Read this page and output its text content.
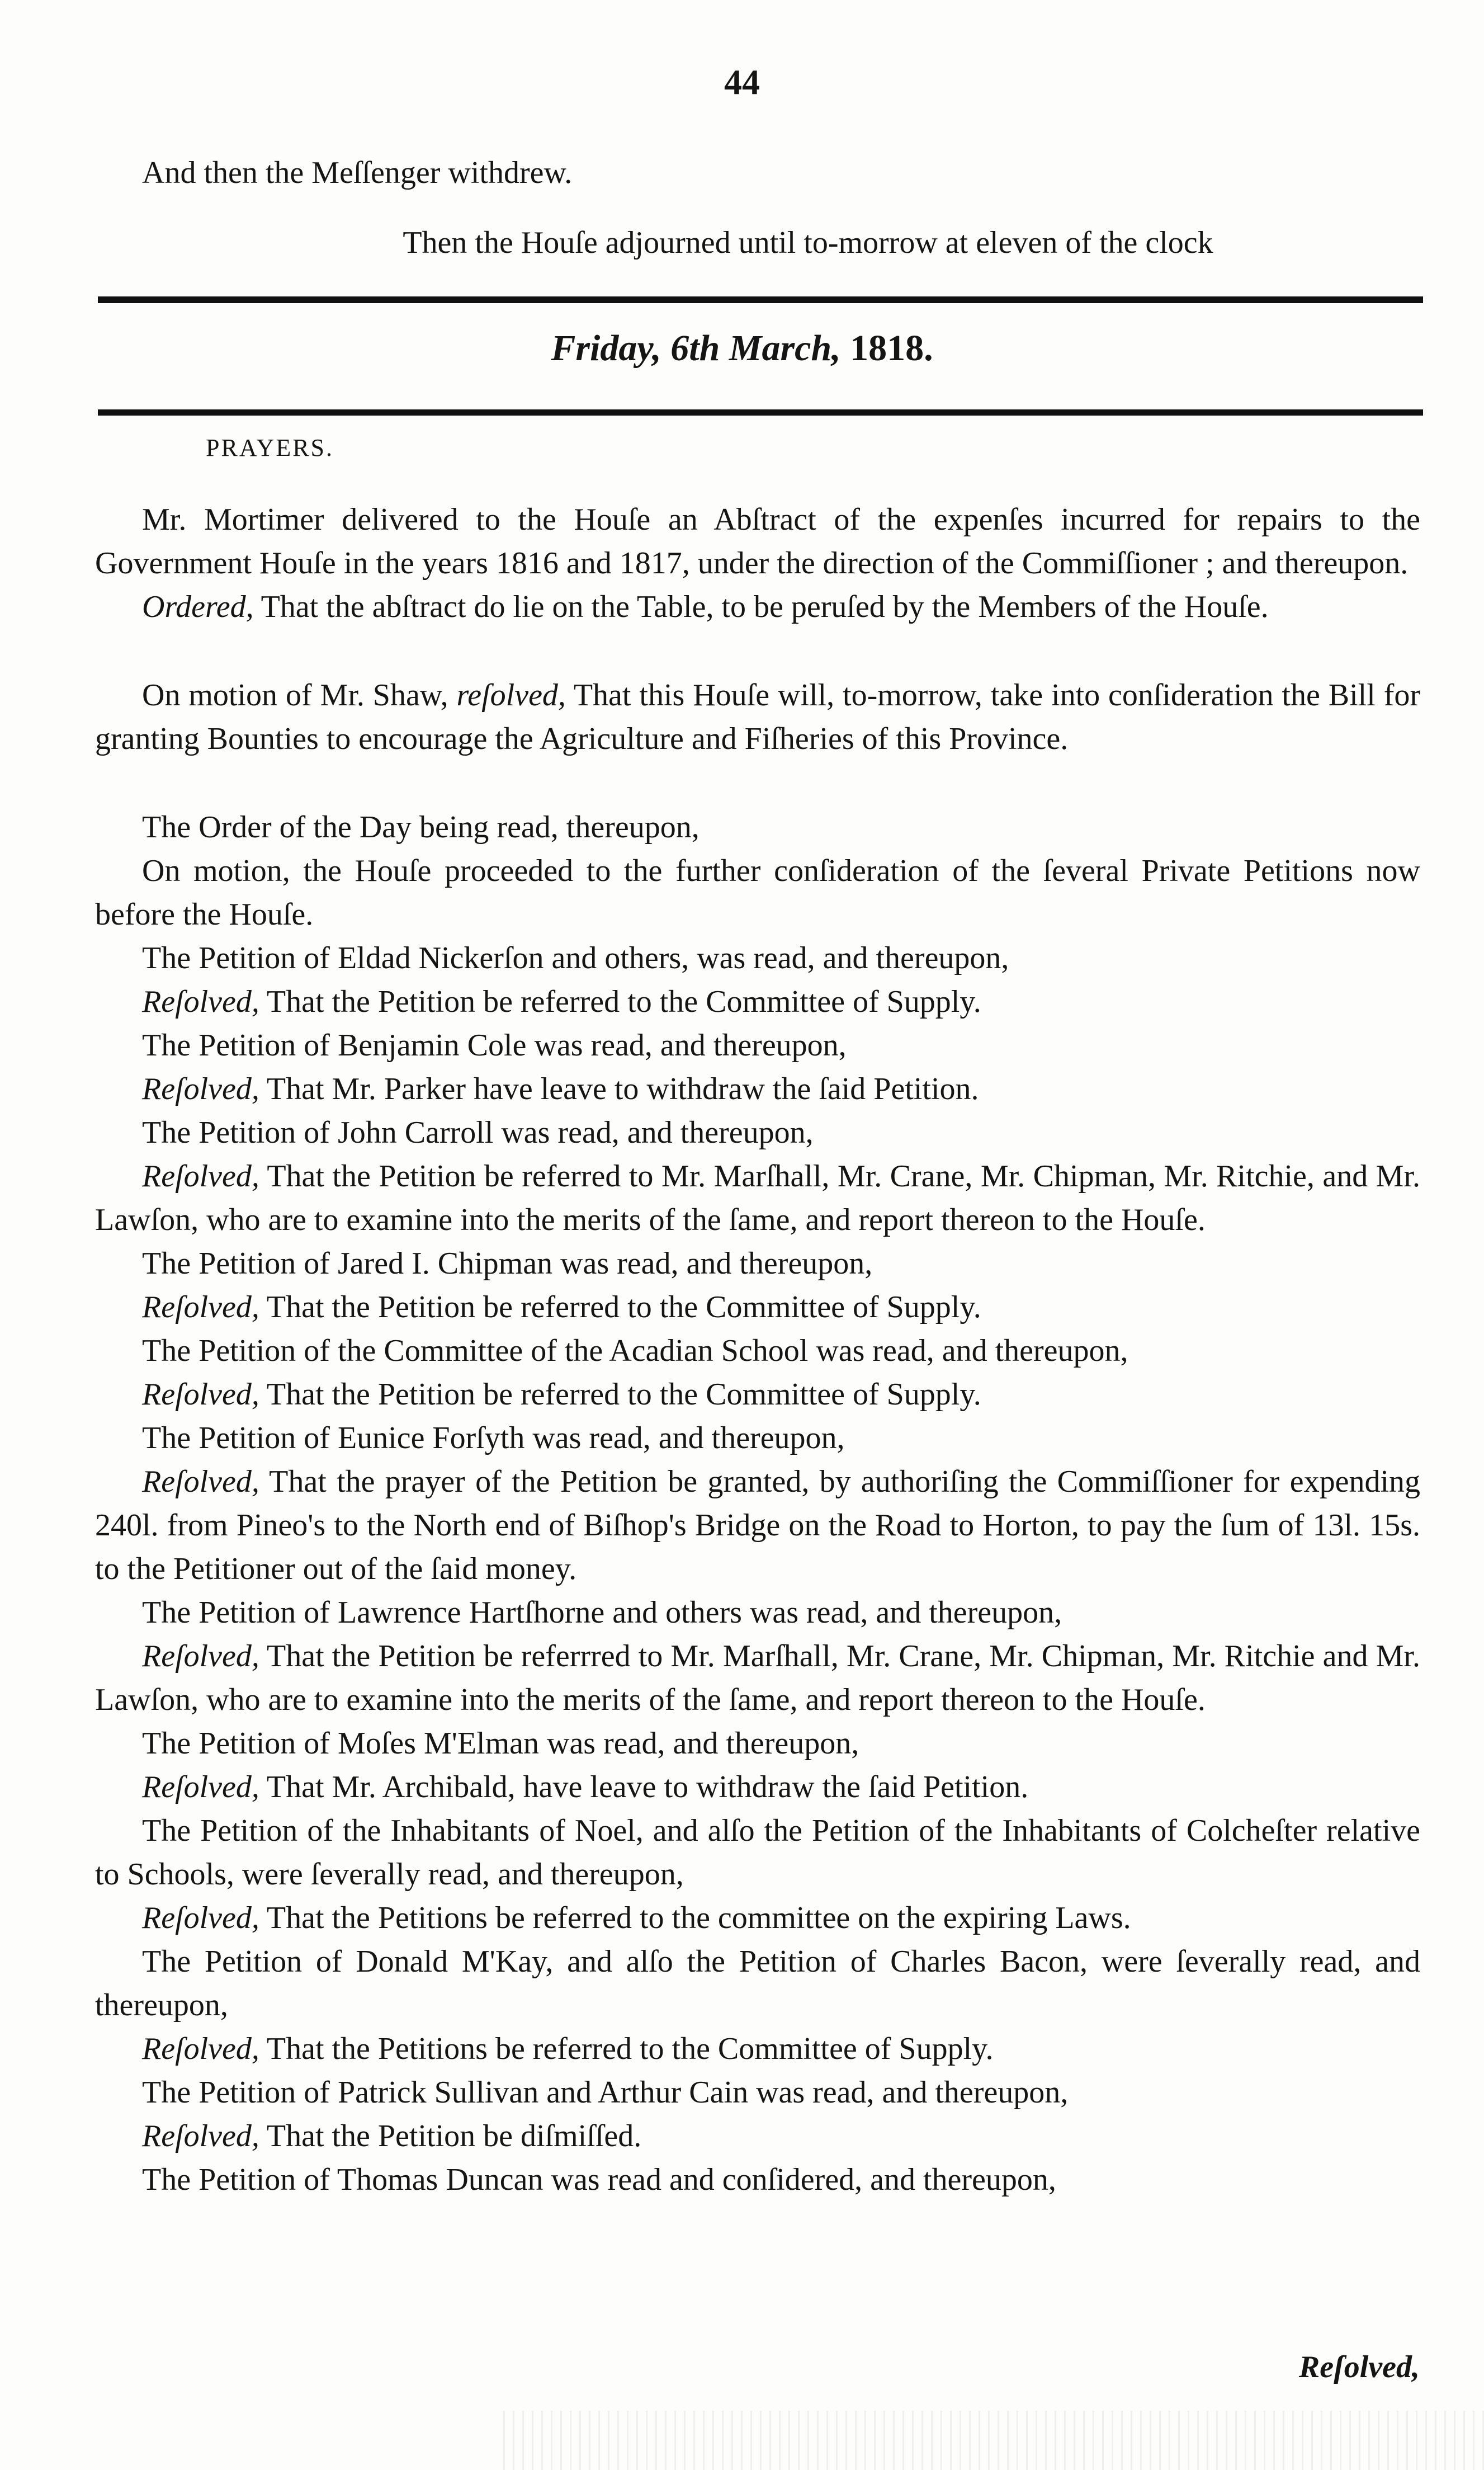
44

And then the Meſſenger withdrew.

Then the Houſe adjourned until to-morrow at eleven of the clock

Friday, 6th March, 1818.
PRAYERS.

Mr. Mortimer delivered to the Houſe an Abſtract of the expenſes incurred for repairs to the Government Houſe in the years 1816 and 1817, under the direction of the Commiſſioner ; and thereupon.

Ordered, That the abſtract do lie on the Table, to be peruſed by the Members of the Houſe.

On motion of Mr. Shaw, reſolved, That this Houſe will, to-morrow, take into conſideration the Bill for granting Bounties to encourage the Agriculture and Fiſheries of this Province.

The Order of the Day being read, thereupon,

On motion, the Houſe proceeded to the further conſideration of the ſeveral Private Petitions now before the Houſe.

The Petition of Eldad Nickerſon and others, was read, and thereupon,

Reſolved, That the Petition be referred to the Committee of Supply.

The Petition of Benjamin Cole was read, and thereupon,

Reſolved, That Mr. Parker have leave to withdraw the ſaid Petition.

The Petition of John Carroll was read, and thereupon,

Reſolved, That the Petition be referred to Mr. Marſhall, Mr. Crane, Mr. Chipman, Mr. Ritchie, and Mr. Lawſon, who are to examine into the merits of the ſame, and report thereon to the Houſe.

The Petition of Jared I. Chipman was read, and thereupon,

Reſolved, That the Petition be referred to the Committee of Supply.

The Petition of the Committee of the Acadian School was read, and thereupon,

Reſolved, That the Petition be referred to the Committee of Supply.

The Petition of Eunice Forſyth was read, and thereupon,

Reſolved, That the prayer of the Petition be granted, by authoriſing the Commiſſioner for expending 240l. from Pineo's to the North end of Biſhop's Bridge on the Road to Horton, to pay the ſum of 13l. 15s. to the Petitioner out of the ſaid money.

The Petition of Lawrence Hartſhorne and others was read, and thereupon,

Reſolved, That the Petition be referrred to Mr. Marſhall, Mr. Crane, Mr. Chipman, Mr. Ritchie and Mr. Lawſon, who are to examine into the merits of the ſame, and report thereon to the Houſe.

The Petition of Moſes M'Elman was read, and thereupon,

Reſolved, That Mr. Archibald, have leave to withdraw the ſaid Petition.

The Petition of the Inhabitants of Noel, and alſo the Petition of the Inhabitants of Colcheſter relative to Schools, were ſeverally read, and thereupon,

Reſolved, That the Petitions be referred to the committee on the expiring Laws.

The Petition of Donald M'Kay, and alſo the Petition of Charles Bacon, were ſeverally read, and thereupon,

Reſolved, That the Petitions be referred to the Committee of Supply.

The Petition of Patrick Sullivan and Arthur Cain was read, and thereupon,

Reſolved, That the Petition be diſmiſſed.

The Petition of Thomas Duncan was read and conſidered, and thereupon,

Reſolved,
